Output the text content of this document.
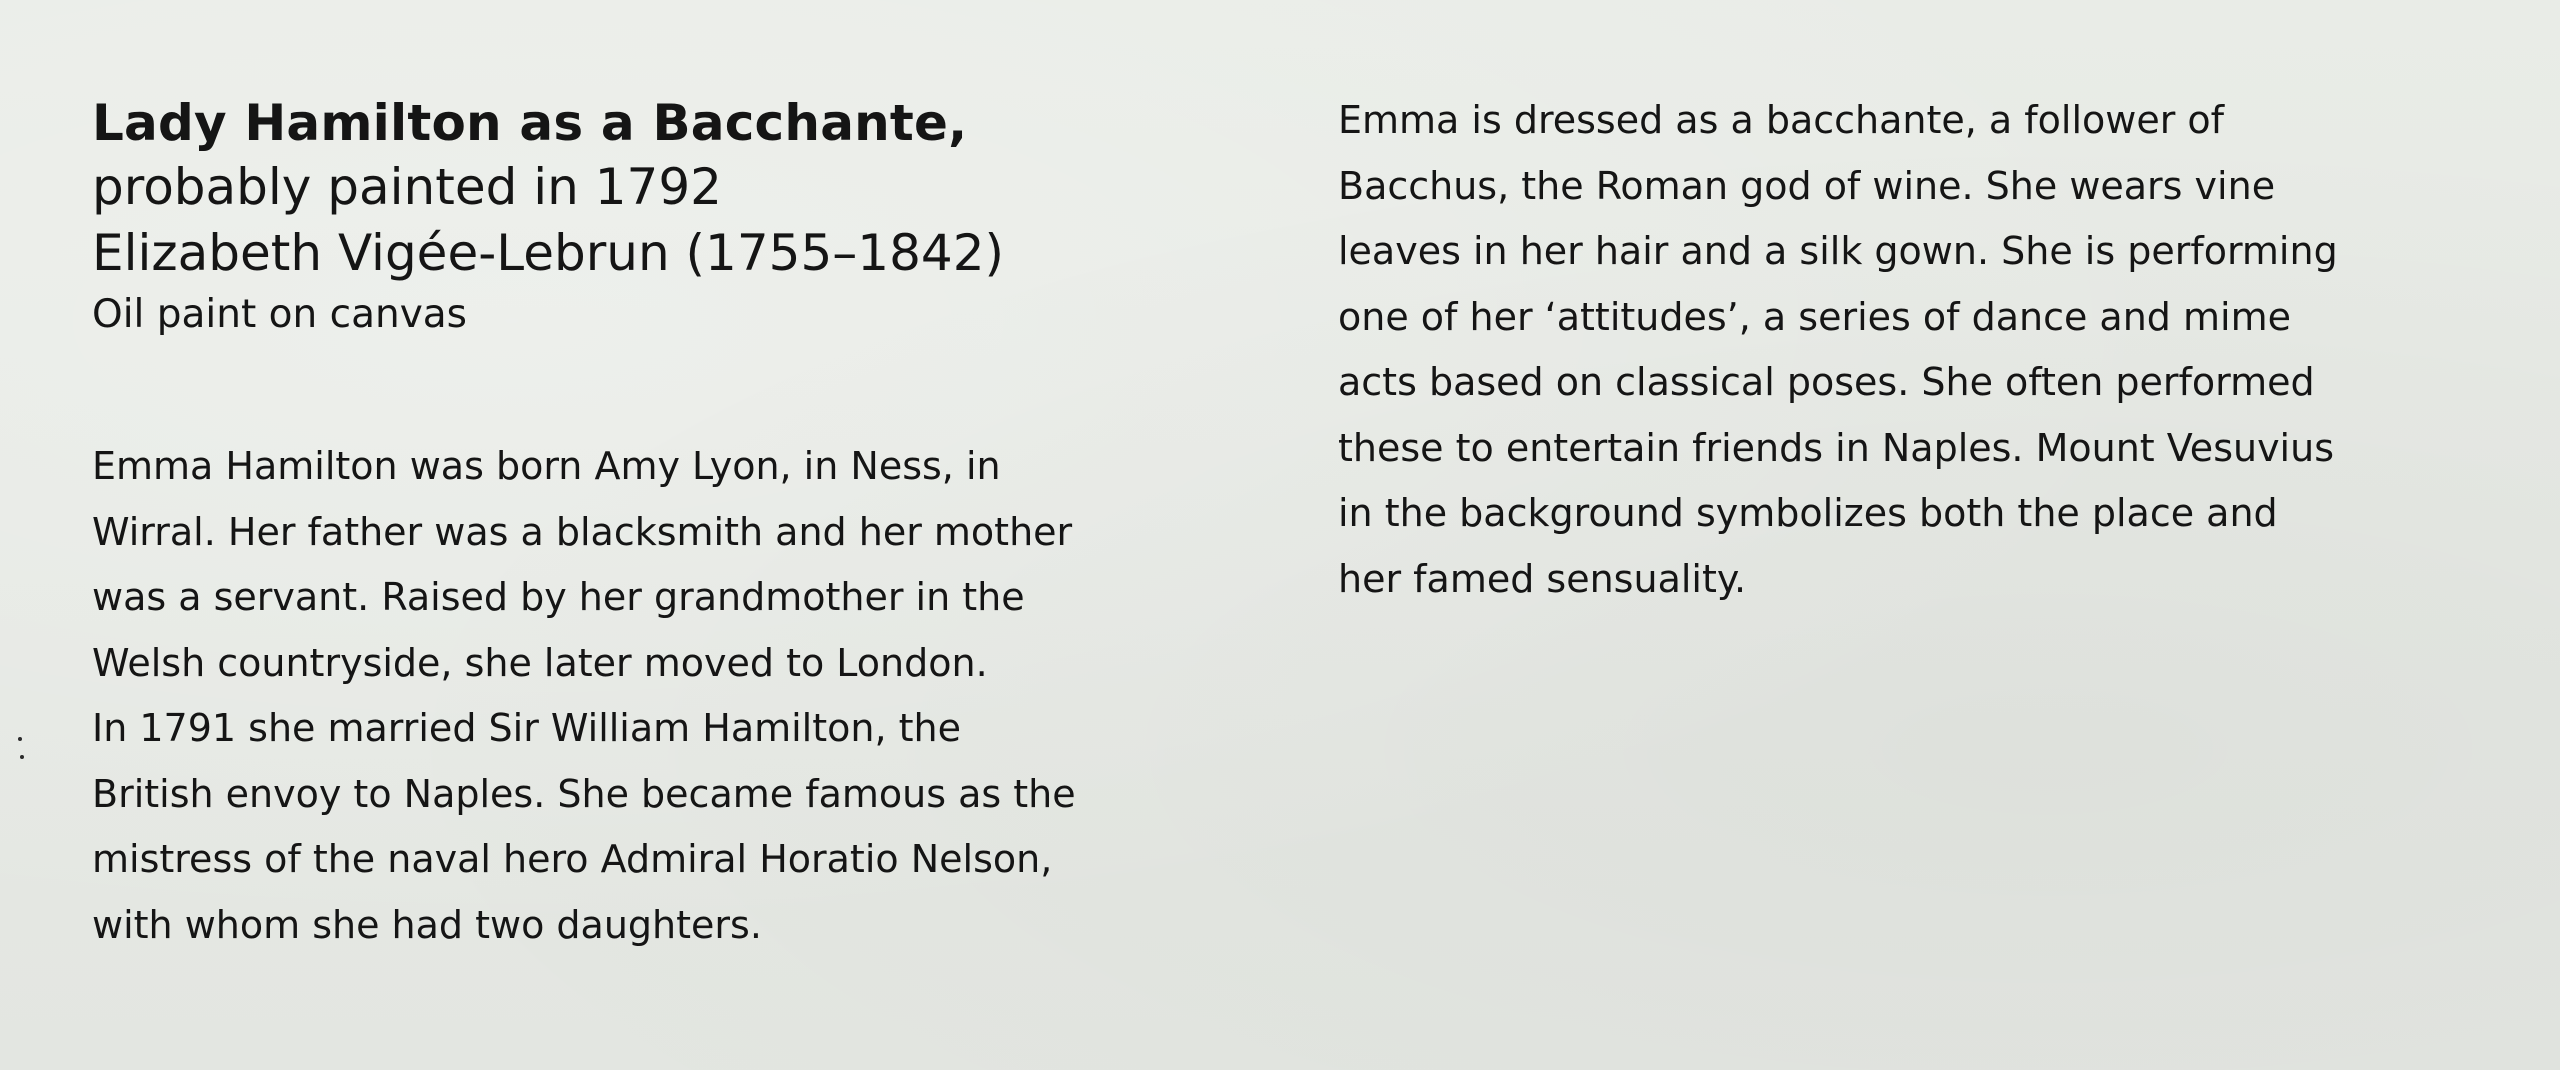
Lady Hamilton as a Bacchante,

probably painted in 1792

Elizabeth Vigée-Lebrun (1755–1842)

Oil paint on canvas

Emma Hamilton was born Amy Lyon, in Ness, in
Wirral. Her father was a blacksmith and her mother
was a servant. Raised by her grandmother in the
Welsh countryside, she later moved to London.
In 1791 she married Sir William Hamilton, the
British envoy to Naples. She became famous as the
mistress of the naval hero Admiral Horatio Nelson,
with whom she had two daughters.
Emma is dressed as a bacchante, a follower of
Bacchus, the Roman god of wine. She wears vine
leaves in her hair and a silk gown. She is performing
one of her ‘attitudes’, a series of dance and mime
acts based on classical poses. She often performed
these to entertain friends in Naples. Mount Vesuvius
in the background symbolizes both the place and
her famed sensuality.
